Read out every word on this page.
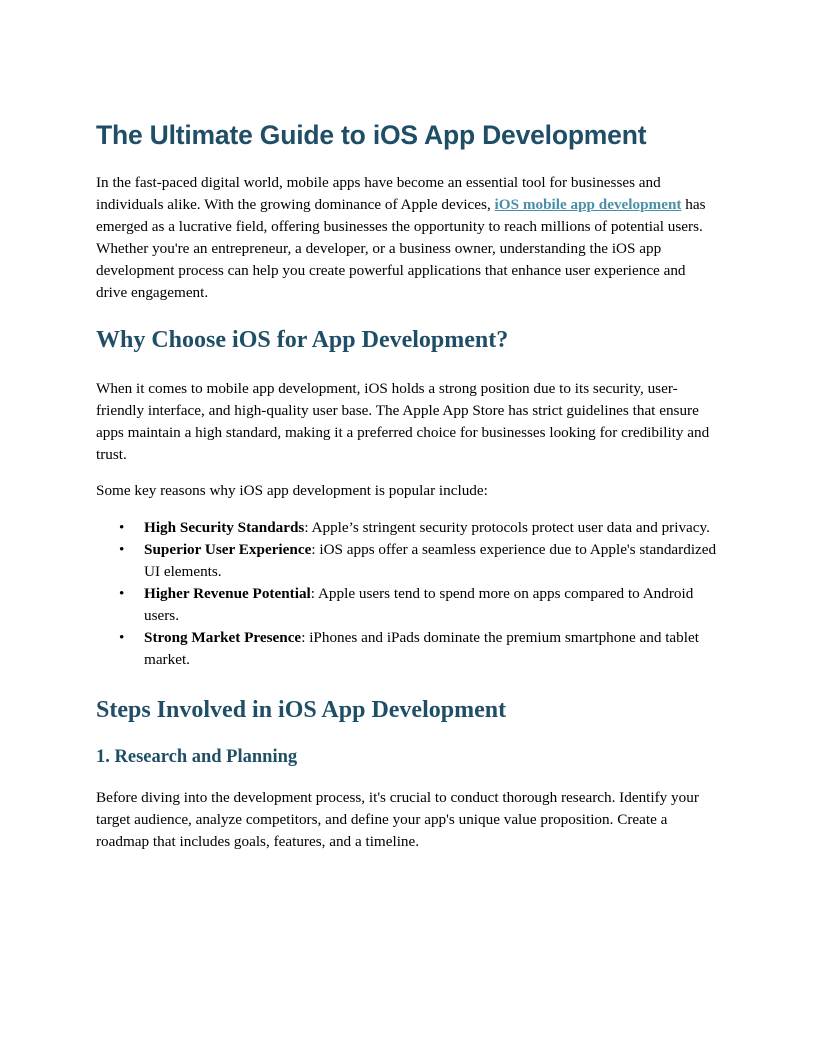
The Ultimate Guide to iOS App Development

In the fast-paced digital world, mobile apps have become an essential tool for businesses and individuals alike. With the growing dominance of Apple devices, iOS mobile app development has emerged as a lucrative field, offering businesses the opportunity to reach millions of potential users. Whether you're an entrepreneur, a developer, or a business owner, understanding the iOS app development process can help you create powerful applications that enhance user experience and drive engagement.

Why Choose iOS for App Development?

When it comes to mobile app development, iOS holds a strong position due to its security, user-friendly interface, and high-quality user base. The Apple App Store has strict guidelines that ensure apps maintain a high standard, making it a preferred choice for businesses looking for credibility and trust.

Some key reasons why iOS app development is popular include:

• High Security Standards: Apple’s stringent security protocols protect user data and privacy.
• Superior User Experience: iOS apps offer a seamless experience due to Apple's standardized UI elements.
• Higher Revenue Potential: Apple users tend to spend more on apps compared to Android users.
• Strong Market Presence: iPhones and iPads dominate the premium smartphone and tablet market.
Steps Involved in iOS App Development
1. Research and Planning

Before diving into the development process, it's crucial to conduct thorough research. Identify your target audience, analyze competitors, and define your app's unique value proposition. Create a roadmap that includes goals, features, and a timeline.
